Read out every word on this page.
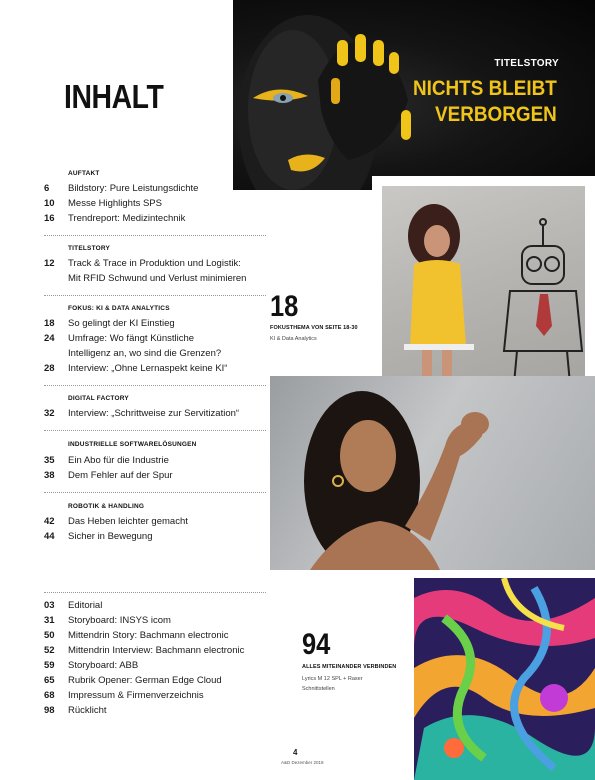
INHALT
TITELSTORY
NICHTS BLEIBT
VERBORGEN
AUFTAKT
6 Bildstory: Pure Leistungsdichte
10 Messe Highlights SPS
16 Trendreport: Medizintechnik
TITELSTORY
12 Track & Trace in Produktion und Logistik:
Mit RFID Schwund und Verlust minimieren
FOKUS: KI & DATA ANALYTICS
18 So gelingt der KI Einstieg
24 Umfrage: Wo fängt Künstliche
Intelligenz an, wo sind die Grenzen?
28 Interview: „Ohne Lernaspekt keine KI“
DIGITAL FACTORY
32 Interview: „Schrittweise zur Servitization“
INDUSTRIELLE SOFTWARELÖSUNGEN
35 Ein Abo für die Industrie
38 Dem Fehler auf der Spur
ROBOTIK & HANDLING
42 Das Heben leichter gemacht
44 Sicher in Bewegung
03 Editorial
31 Storyboard: INSYS icom
50 Mittendrin Story: Bachmann electronic
52 Mittendrin Interview: Bachmann electronic
59 Storyboard: ABB
65 Rubrik Opener: German Edge Cloud
68 Impressum & Firmenverzeichnis
98 Rücklicht
18
FOKUSTHEMA VON SEITE 18-30
KI & Data Analytics
94
ALLES MITEINANDER VERBINDEN
Lyrics M 12 SPL + Raser
Schnittstellen
4
A&D Dezember 2019
